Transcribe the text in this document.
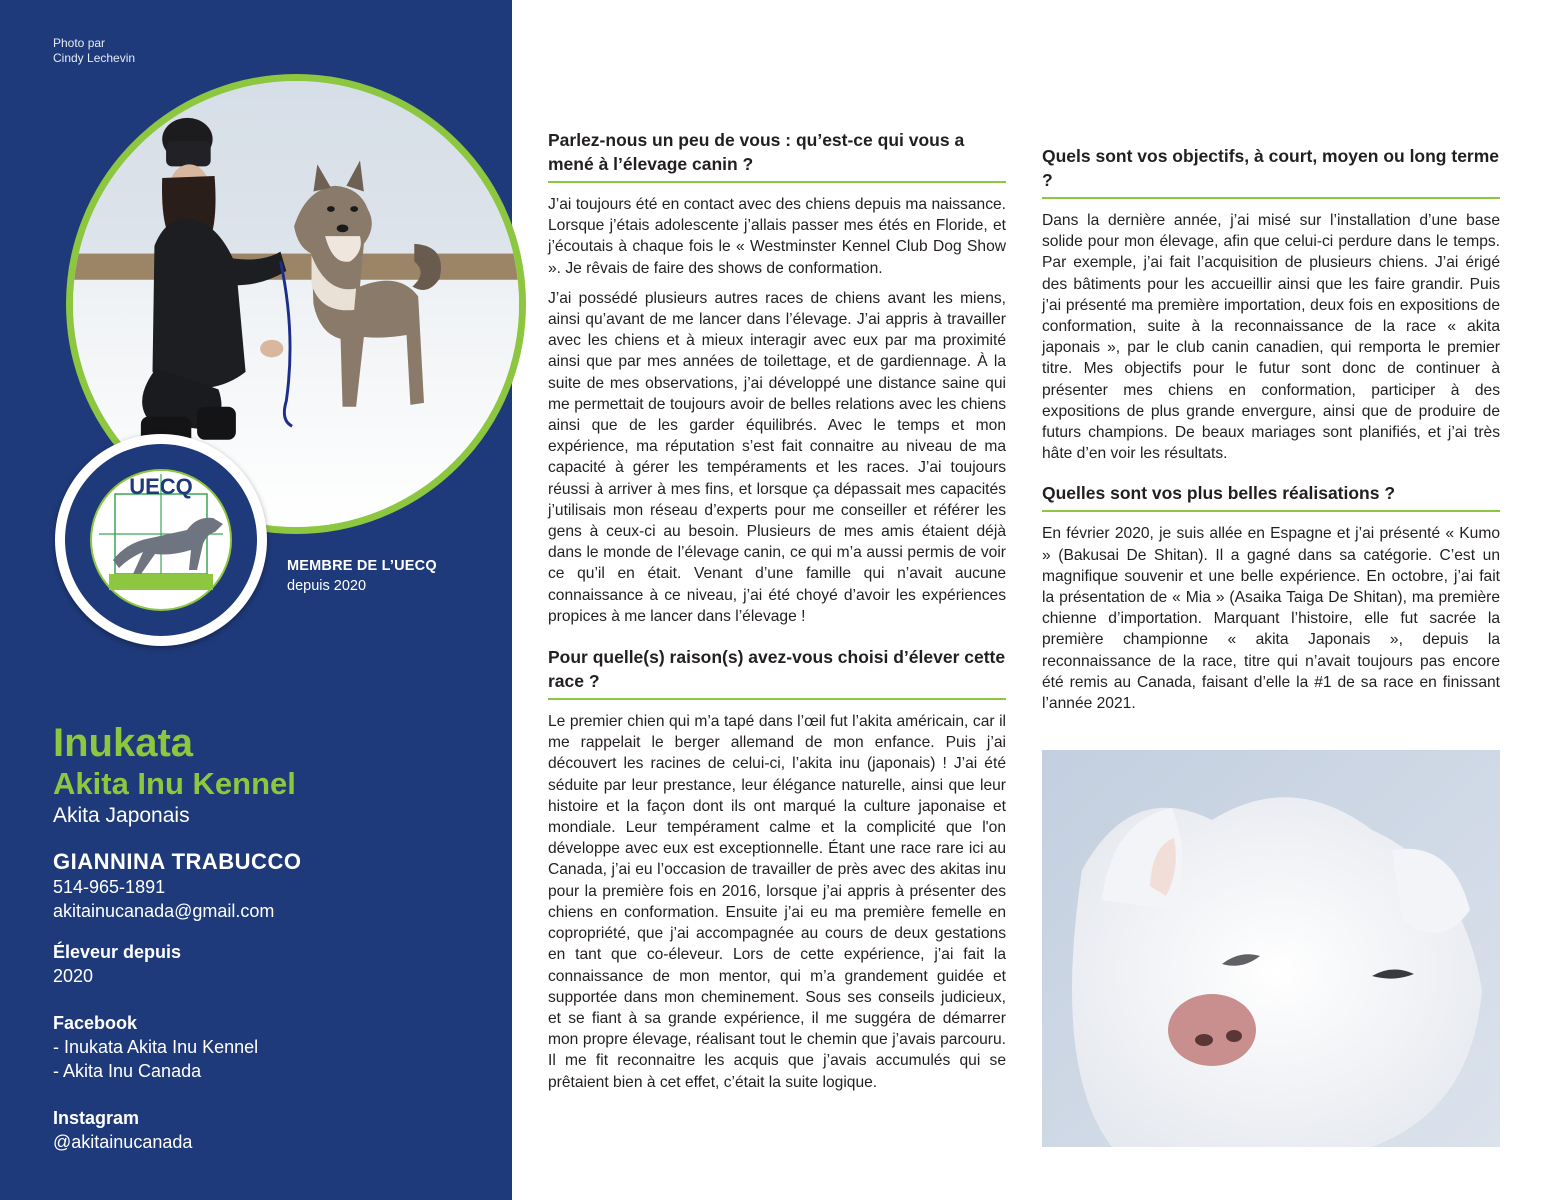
Photo par
Cindy Lechevin
UECQ
MEMBRE DE L’UECQ
depuis 2020
Inukata
Akita Inu Kennel
Akita Japonais
GIANNINA TRABUCCO
514-965-1891
akitainucanada@gmail.com
Éleveur depuis
2020
Facebook
- Inukata Akita Inu Kennel
- Akita Inu Canada
Instagram
@akitainucanada
Parlez-nous un peu de vous : qu’est-ce qui vous a mené à l’élevage canin ?

J’ai toujours été en contact avec des chiens depuis ma naissance. Lorsque j’étais adolescente j’allais passer mes étés en Floride, et j’écoutais à chaque fois le « Westminster Kennel Club Dog Show ». Je rêvais de faire des shows de conformation.

J’ai possédé plusieurs autres races de chiens avant les miens, ainsi qu’avant de me lancer dans l’élevage. J’ai appris à travailler avec les chiens et à mieux interagir avec eux par ma proximité ainsi que par mes années de toilettage, et de gardiennage. À la suite de mes observations, j’ai développé une distance saine qui me permettait de toujours avoir de belles relations avec les chiens ainsi que de les garder équilibrés. Avec le temps et mon expérience, ma réputation s’est fait connaitre au niveau de ma capacité à gérer les tempéraments et les races. J’ai toujours réussi à arriver à mes fins, et lorsque ça dépassait mes capacités j’utilisais mon réseau d’experts pour me conseiller et référer les gens à ceux-ci au besoin. Plusieurs de mes amis étaient déjà dans le monde de l’élevage canin, ce qui m’a aussi permis de voir ce qu’il en était. Venant d’une famille qui n’avait aucune connaissance à ce niveau, j’ai été choyé d’avoir les expériences propices à me lancer dans l’élevage !

Pour quelle(s) raison(s) avez-vous choisi d’élever cette race ?

Le premier chien qui m’a tapé dans l’œil fut l’akita américain, car il me rappelait le berger allemand de mon enfance. Puis j’ai découvert les racines de celui-ci, l’akita inu (japonais) ! J’ai été séduite par leur prestance, leur élégance naturelle, ainsi que leur histoire et la façon dont ils ont marqué la culture japonaise et mondiale. Leur tempérament calme et la complicité que l'on développe avec eux est exceptionnelle. Étant une race rare ici au Canada, j’ai eu l’occasion de travailler de près avec des akitas inu pour la première fois en 2016, lorsque j’ai appris à présenter des chiens en conformation. Ensuite j’ai eu ma première femelle en copropriété, que j’ai accompagnée au cours de deux gestations en tant que co-éleveur. Lors de cette expérience, j’ai fait la connaissance de mon mentor, qui m’a grandement guidée et supportée dans mon cheminement. Sous ses conseils judicieux, et se fiant à sa grande expérience, il me suggéra de démarrer mon propre élevage, réalisant tout le chemin que j’avais parcouru. Il me fit reconnaitre les acquis que j’avais accumulés qui se prêtaient bien à cet effet, c’était la suite logique.

Quels sont vos objectifs, à court, moyen ou long terme ?

Dans la dernière année, j’ai misé sur l’installation d’une base solide pour mon élevage, afin que celui-ci perdure dans le temps. Par exemple, j’ai fait l’acquisition de plusieurs chiens. J’ai érigé des bâtiments pour les accueillir ainsi que les faire grandir. Puis j’ai présenté ma première importation, deux fois en expositions de conformation, suite à la reconnaissance de la race « akita japonais », par le club canin canadien, qui remporta le premier titre. Mes objectifs pour le futur sont donc de continuer à présenter mes chiens en conformation, participer à des expositions de plus grande envergure, ainsi que de produire de futurs champions. De beaux mariages sont planifiés, et j’ai très hâte d’en voir les résultats.

Quelles sont vos plus belles réalisations ?

En février 2020, je suis allée en Espagne et j’ai présenté « Kumo » (Bakusai De Shitan). Il a gagné dans sa catégorie. C’est un magnifique souvenir et une belle expérience. En octobre, j’ai fait la présentation de « Mia » (Asaika Taiga De Shitan), ma première chienne d’importation. Marquant l’histoire, elle fut sacrée la première championne « akita Japonais », depuis la reconnaissance de la race, titre qui n’avait toujours pas encore été remis au Canada, faisant d’elle la #1 de sa race en finissant l’année 2021.
